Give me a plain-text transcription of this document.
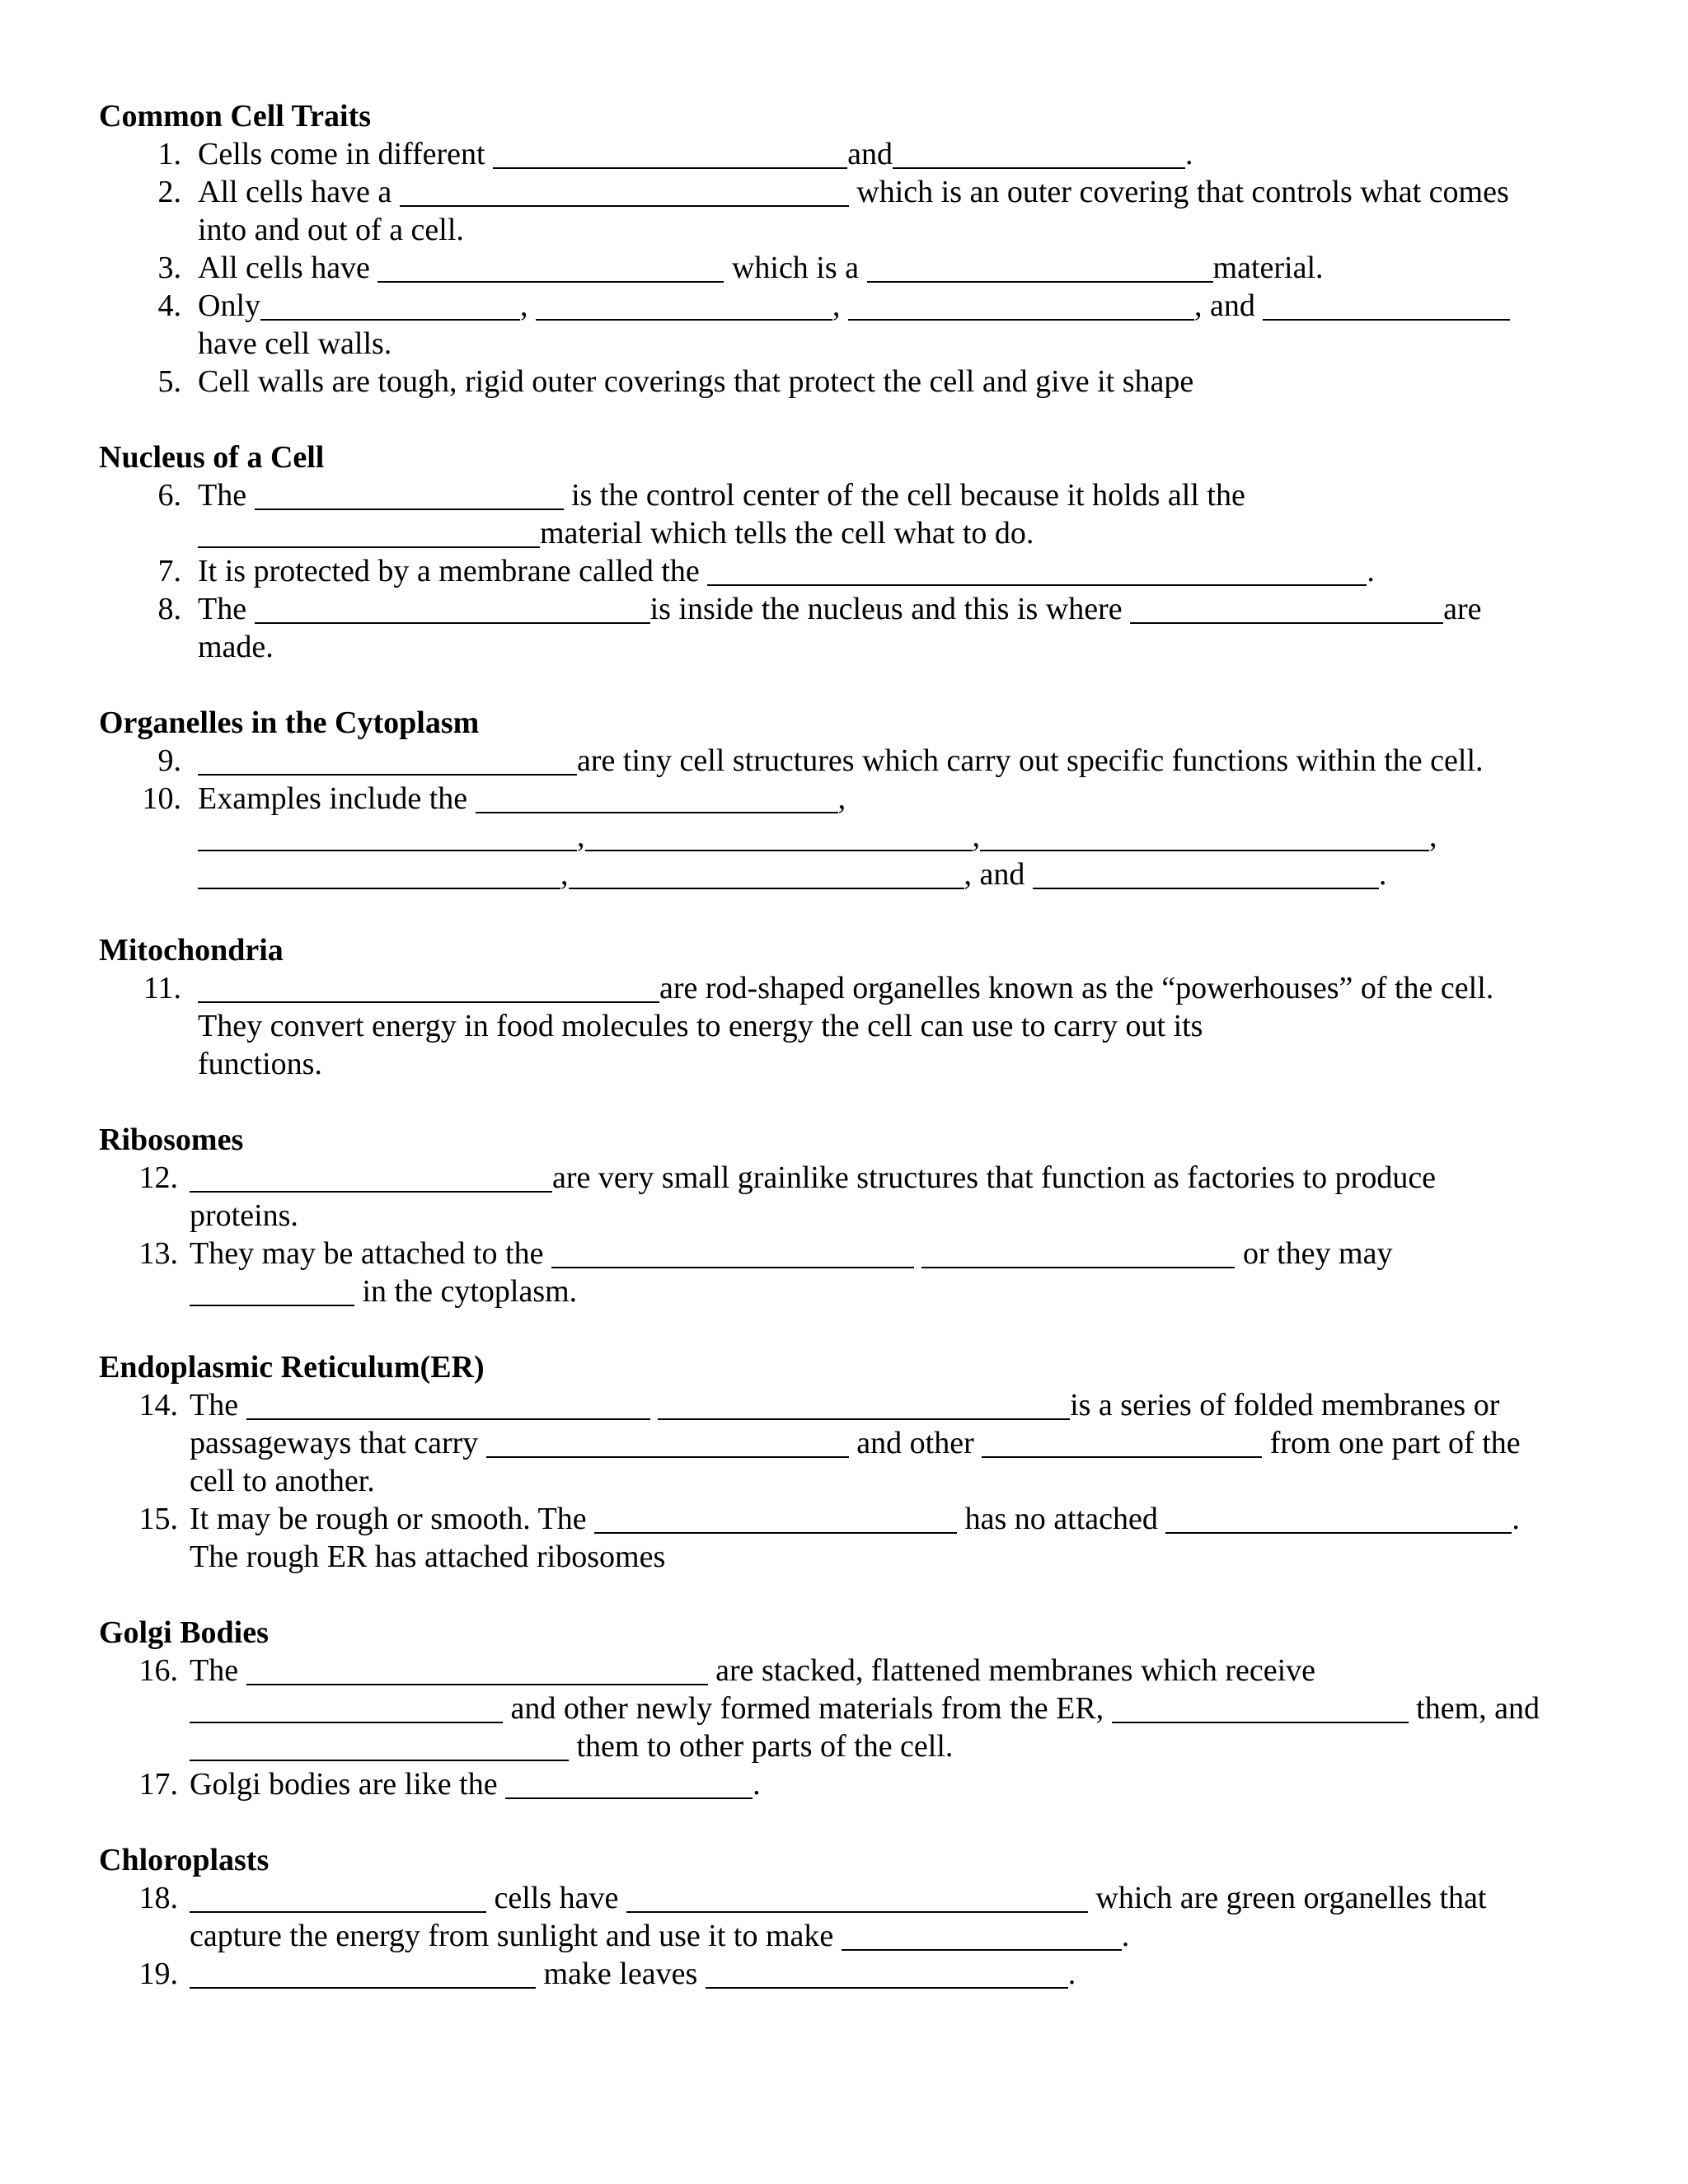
Common Cell Traits
1. Cells come in different	and	.
2. All cells have a	which is an outer covering that controls what comes
into and out of a cell.
3. All cells have	which is a	material.
4. Only	,	,	, and
have cell walls.
5. Cell walls are tough, rigid outer coverings that protect the cell and give it shape
Nucleus of a Cell
6. The	is the control center of the cell because it holds all the
material which tells the cell what to do.
7. It is protected by a membrane called the	.
8. The	is inside the nucleus and this is where	are
made.
Organelles in the Cytoplasm
9.	are tiny cell structures which carry out specific functions within the cell.
10. Examples include the	,
,	,	,
,	, and	.
Mitochondria
11.	are rod-shaped organelles known as the “powerhouses” of the cell.
They convert energy in food molecules to energy the cell can use to carry out its
functions.
Ribosomes
12.	are very small grainlike structures that function as factories to produce
proteins.
13. They may be attached to the	or they may
in the cytoplasm.
Endoplasmic Reticulum(ER)
14. The	is a series of folded membranes or
passageways that carry	and other	from one part of the
cell to another.
15. It may be rough or smooth. The	has no attached	.
The rough ER has attached ribosomes
Golgi Bodies
16. The	are stacked, flattened membranes which receive
and other newly formed materials from the ER,	them, and
them to other parts of the cell.
17. Golgi bodies are like the	.
Chloroplasts
18.	cells have	which are green organelles that
capture the energy from sunlight and use it to make	.
19.	make leaves	.
